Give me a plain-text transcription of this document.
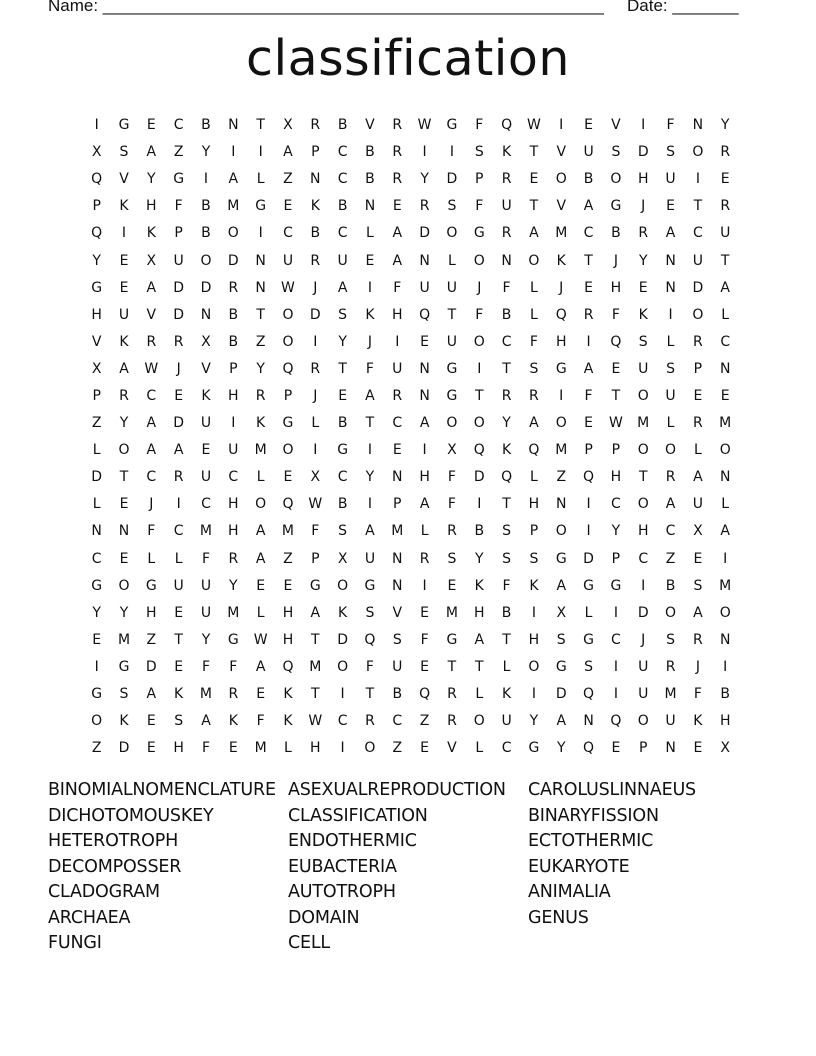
Name: _____________________________________________________ Date: _______
classification
I	G	E	C	B	N	T	X	R	B	V	R	W	G	F	Q	W	I	E	V	I	F	N	Y
X	S	A	Z	Y	I	I	A	P	C	B	R	I	I	S	K	T	V	U	S	D	S	O	R
Q	V	Y	G	I	A	L	Z	N	C	B	R	Y	D	P	R	E	O	B	O	H	U	I	E
P	K	H	F	B	M	G	E	K	B	N	E	R	S	F	U	T	V	A	G	J	E	T	R
Q	I	K	P	B	O	I	C	B	C	L	A	D	O	G	R	A	M	C	B	R	A	C	U
Y	E	X	U	O	D	N	U	R	U	E	A	N	L	O	N	O	K	T	J	Y	N	U	T
G	E	A	D	D	R	N	W	J	A	I	F	U	U	J	F	L	J	E	H	E	N	D	A
H	U	V	D	N	B	T	O	D	S	K	H	Q	T	F	B	L	Q	R	F	K	I	O	L
V	K	R	R	X	B	Z	O	I	Y	J	I	E	U	O	C	F	H	I	Q	S	L	R	C
X	A	W	J	V	P	Y	Q	R	T	F	U	N	G	I	T	S	G	A	E	U	S	P	N
P	R	C	E	K	H	R	P	J	E	A	R	N	G	T	R	R	I	F	T	O	U	E	E
Z	Y	A	D	U	I	K	G	L	B	T	C	A	O	O	Y	A	O	E	W	M	L	R	M
L	O	A	A	E	U	M	O	I	G	I	E	I	X	Q	K	Q	M	P	P	O	O	L	O
D	T	C	R	U	C	L	E	X	C	Y	N	H	F	D	Q	L	Z	Q	H	T	R	A	N
L	E	J	I	C	H	O	Q	W	B	I	P	A	F	I	T	H	N	I	C	O	A	U	L
N	N	F	C	M	H	A	M	F	S	A	M	L	R	B	S	P	O	I	Y	H	C	X	A
C	E	L	L	F	R	A	Z	P	X	U	N	R	S	Y	S	S	G	D	P	C	Z	E	I
G	O	G	U	U	Y	E	E	G	O	G	N	I	E	K	F	K	A	G	G	I	B	S	M
Y	Y	H	E	U	M	L	H	A	K	S	V	E	M	H	B	I	X	L	I	D	O	A	O
E	M	Z	T	Y	G	W	H	T	D	Q	S	F	G	A	T	H	S	G	C	J	S	R	N
I	G	D	E	F	F	A	Q	M	O	F	U	E	T	T	L	O	G	S	I	U	R	J	I
G	S	A	K	M	R	E	K	T	I	T	B	Q	R	L	K	I	D	Q	I	U	M	F	B
O	K	E	S	A	K	F	K	W	C	R	C	Z	R	O	U	Y	A	N	Q	O	U	K	H
Z	D	E	H	F	E	M	L	H	I	O	Z	E	V	L	C	G	Y	Q	E	P	N	E	X
BINOMIALNOMENCLATURE ASEXUALREPRODUCTION CAROLUSLINNAEUS
DICHOTOMOUSKEY	CLASSIFICATION	BINARYFISSION
HETEROTROPH	ENDOTHERMIC	ECTOTHERMIC
DECOMPOSSER	EUBACTERIA	EUKARYOTE
CLADOGRAM	AUTOTROPH	ANIMALIA
ARCHAEA	DOMAIN	GENUS
FUNGI	CELL
